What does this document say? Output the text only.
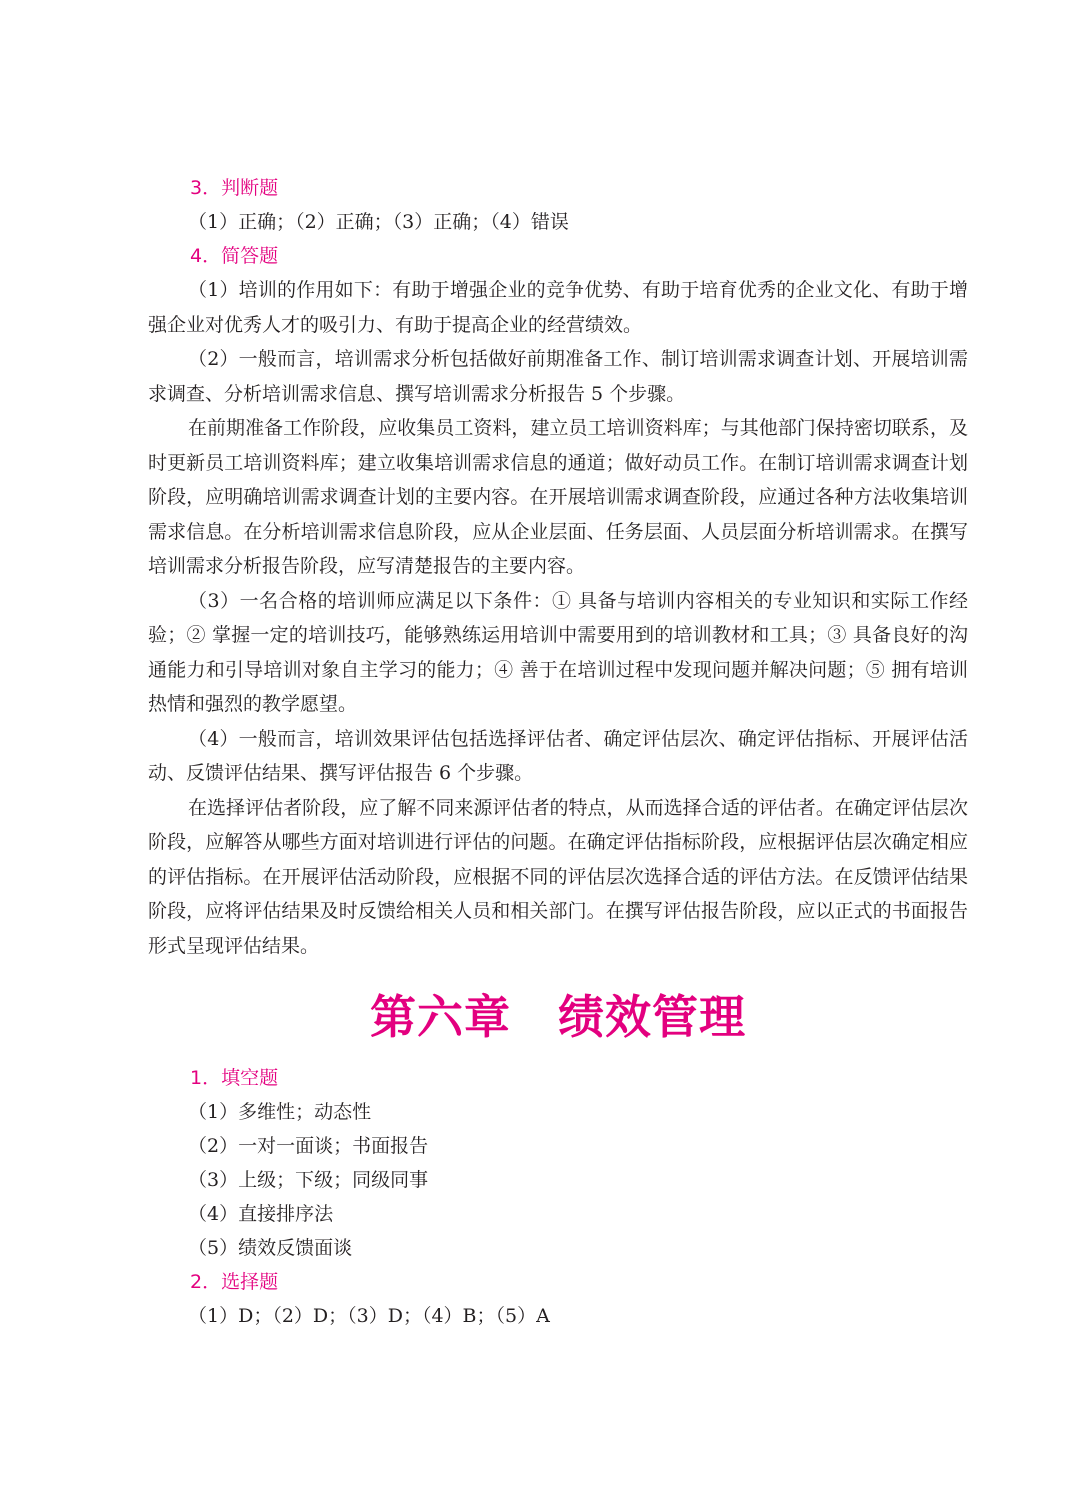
3．判断题
（1）正确；（2）正确；（3）正确；（4）错误
4．简答题

（1）培训的作用如下：有助于增强企业的竞争优势、有助于培育优秀的企业文化、有助于增强企业对优秀人才的吸引力、有助于提高企业的经营绩效。

（2）一般而言，培训需求分析包括做好前期准备工作、制订培训需求调查计划、开展培训需求调查、分析培训需求信息、撰写培训需求分析报告 5 个步骤。

在前期准备工作阶段，应收集员工资料，建立员工培训资料库；与其他部门保持密切联系，及时更新员工培训资料库；建立收集培训需求信息的通道；做好动员工作。在制订培训需求调查计划阶段，应明确培训需求调查计划的主要内容。在开展培训需求调查阶段，应通过各种方法收集培训需求信息。在分析培训需求信息阶段，应从企业层面、任务层面、人员层面分析培训需求。在撰写培训需求分析报告阶段，应写清楚报告的主要内容。

（3）一名合格的培训师应满足以下条件：① 具备与培训内容相关的专业知识和实际工作经验；② 掌握一定的培训技巧，能够熟练运用培训中需要用到的培训教材和工具；③ 具备良好的沟通能力和引导培训对象自主学习的能力；④ 善于在培训过程中发现问题并解决问题；⑤ 拥有培训热情和强烈的教学愿望。

（4）一般而言，培训效果评估包括选择评估者、确定评估层次、确定评估指标、开展评估活动、反馈评估结果、撰写评估报告 6 个步骤。

在选择评估者阶段，应了解不同来源评估者的特点，从而选择合适的评估者。在确定评估层次阶段，应解答从哪些方面对培训进行评估的问题。在确定评估指标阶段，应根据评估层次确定相应的评估指标。在开展评估活动阶段，应根据不同的评估层次选择合适的评估方法。在反馈评估结果阶段，应将评估结果及时反馈给相关人员和相关部门。在撰写评估报告阶段，应以正式的书面报告形式呈现评估结果。

第六章　绩效管理
1．填空题
（1）多维性；动态性
（2）一对一面谈；书面报告
（3）上级；下级；同级同事
（4）直接排序法
（5）绩效反馈面谈
2．选择题
（1）D；（2）D；（3）D；（4）B；（5）A
